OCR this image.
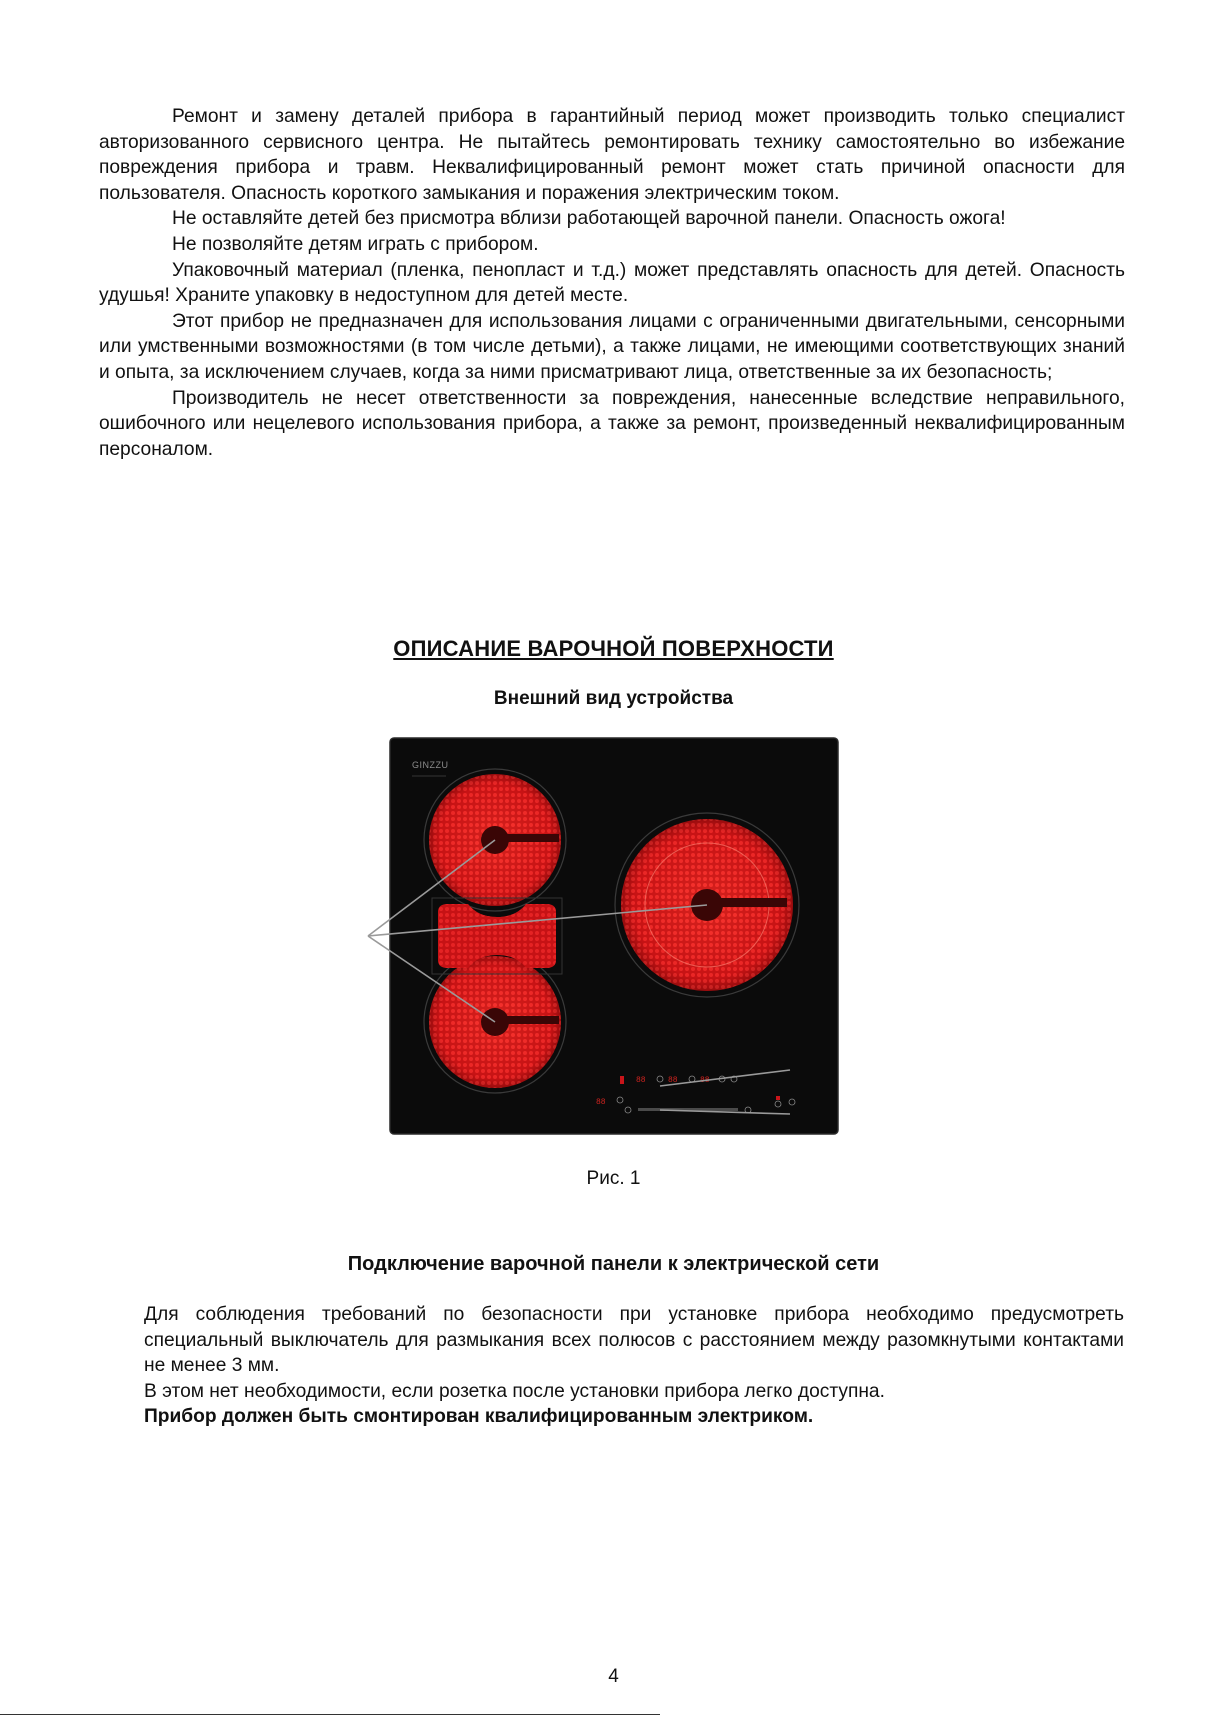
Ремонт и замену деталей прибора в гарантийный период может производить только специалист авторизованного сервисного центра. Не пытайтесь ремонтировать технику самостоятельно во избежание повреждения прибора и травм. Неквалифицированный ремонт может стать причиной опасности для пользователя. Опасность короткого замыкания и поражения электрическим током.

Не оставляйте детей без присмотра вблизи работающей варочной панели. Опасность ожога!

Не позволяйте детям играть с прибором.

Упаковочный материал (пленка, пенопласт и т.д.) может представлять опасность для детей. Опасность удушья! Храните упаковку в недоступном для детей месте.

Этот прибор не предназначен для использования лицами с ограниченными двигательными, сенсорными или умственными возможностями (в том числе детьми), а также лицами, не имеющими соответствующих знаний и опыта, за исключением случаев, когда за ними присматривают лица, ответственные за их безопасность;

Производитель не несет ответственности за повреждения, нанесенные вследствие неправильного, ошибочного или нецелевого использования прибора, а также за ремонт, произведенный неквалифицированным персоналом.

ОПИСАНИЕ ВАРОЧНОЙ ПОВЕРХНОСТИ
Внешний вид устройства
GINZZU
88	88	88
88
Рис. 1
Подключение варочной панели к электрической сети

Для соблюдения требований по безопасности при установке прибора необходимо предусмотреть специальный выключатель для размыкания всех полюсов с расстоянием между разомкнутыми контактами не менее 3 мм.

В этом нет необходимости, если розетка после установки прибора легко доступна.

Прибор должен быть смонтирован квалифицированным электриком.

4
